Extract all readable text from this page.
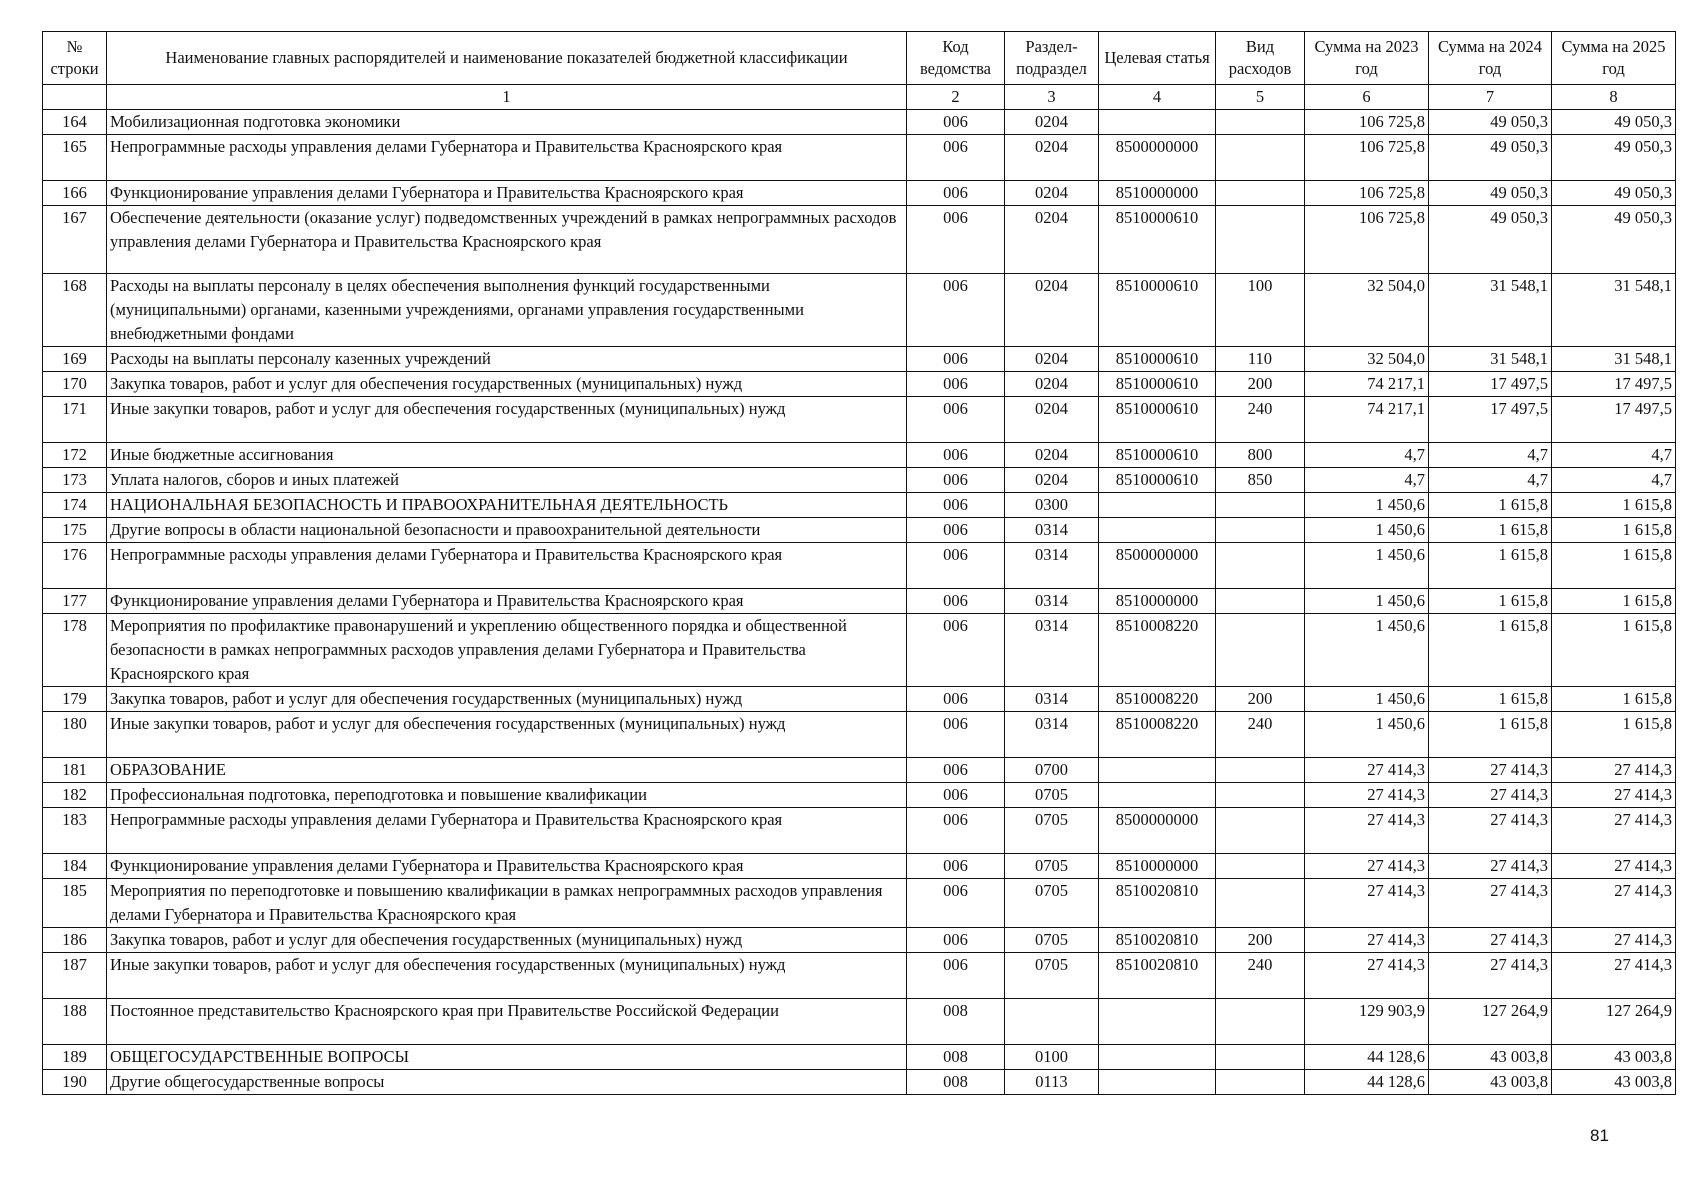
№ строки	Наименование главных распорядителей и наименование показателей бюджетной классификации	Код ведомства	Раздел-подраздел	Целевая статья	Вид расходов	Сумма на 2023 год	Сумма на 2024 год	Сумма на 2025 год
	1	2	3	4	5	6	7	8
164	Мобилизационная подготовка экономики	006	0204			106 725,8	49 050,3	49 050,3
165	Непрограммные расходы управления делами Губернатора и Правительства Красноярского края	006	0204	8500000000		106 725,8	49 050,3	49 050,3
166	Функционирование управления делами Губернатора и Правительства Красноярского края	006	0204	8510000000		106 725,8	49 050,3	49 050,3
167	Обеспечение деятельности (оказание услуг) подведомственных учреждений в рамках непрограммных расходов управления делами Губернатора и Правительства Красноярского края	006	0204	8510000610		106 725,8	49 050,3	49 050,3
168	Расходы на выплаты персоналу в целях обеспечения выполнения функций государственными (муниципальными) органами, казенными учреждениями, органами управления государственными внебюджетными фондами	006	0204	8510000610	100	32 504,0	31 548,1	31 548,1
169	Расходы на выплаты персоналу казенных учреждений	006	0204	8510000610	110	32 504,0	31 548,1	31 548,1
170	Закупка товаров, работ и услуг для обеспечения государственных (муниципальных) нужд	006	0204	8510000610	200	74 217,1	17 497,5	17 497,5
171	Иные закупки товаров, работ и услуг для обеспечения государственных (муниципальных) нужд	006	0204	8510000610	240	74 217,1	17 497,5	17 497,5
172	Иные бюджетные ассигнования	006	0204	8510000610	800	4,7	4,7	4,7
173	Уплата налогов, сборов и иных платежей	006	0204	8510000610	850	4,7	4,7	4,7
174	НАЦИОНАЛЬНАЯ БЕЗОПАСНОСТЬ И ПРАВООХРАНИТЕЛЬНАЯ ДЕЯТЕЛЬНОСТЬ	006	0300			1 450,6	1 615,8	1 615,8
175	Другие вопросы в области национальной безопасности и правоохранительной деятельности	006	0314			1 450,6	1 615,8	1 615,8
176	Непрограммные расходы управления делами Губернатора и Правительства Красноярского края	006	0314	8500000000		1 450,6	1 615,8	1 615,8
177	Функционирование управления делами Губернатора и Правительства Красноярского края	006	0314	8510000000		1 450,6	1 615,8	1 615,8
178	Мероприятия по профилактике правонарушений и укреплению общественного порядка и общественной безопасности в рамках непрограммных расходов управления делами Губернатора и Правительства Красноярского края	006	0314	8510008220		1 450,6	1 615,8	1 615,8
179	Закупка товаров, работ и услуг для обеспечения государственных (муниципальных) нужд	006	0314	8510008220	200	1 450,6	1 615,8	1 615,8
180	Иные закупки товаров, работ и услуг для обеспечения государственных (муниципальных) нужд	006	0314	8510008220	240	1 450,6	1 615,8	1 615,8
181	ОБРАЗОВАНИЕ	006	0700			27 414,3	27 414,3	27 414,3
182	Профессиональная подготовка, переподготовка и повышение квалификации	006	0705			27 414,3	27 414,3	27 414,3
183	Непрограммные расходы управления делами Губернатора и Правительства Красноярского края	006	0705	8500000000		27 414,3	27 414,3	27 414,3
184	Функционирование управления делами Губернатора и Правительства Красноярского края	006	0705	8510000000		27 414,3	27 414,3	27 414,3
185	Мероприятия по переподготовке и повышению квалификации в рамках непрограммных расходов управления делами Губернатора и Правительства Красноярского края	006	0705	8510020810		27 414,3	27 414,3	27 414,3
186	Закупка товаров, работ и услуг для обеспечения государственных (муниципальных) нужд	006	0705	8510020810	200	27 414,3	27 414,3	27 414,3
187	Иные закупки товаров, работ и услуг для обеспечения государственных (муниципальных) нужд	006	0705	8510020810	240	27 414,3	27 414,3	27 414,3
188	Постоянное представительство Красноярского края при Правительстве Российской Федерации	008				129 903,9	127 264,9	127 264,9
189	ОБЩЕГОСУДАРСТВЕННЫЕ ВОПРОСЫ	008	0100			44 128,6	43 003,8	43 003,8
190	Другие общегосударственные вопросы	008	0113			44 128,6	43 003,8	43 003,8
81
